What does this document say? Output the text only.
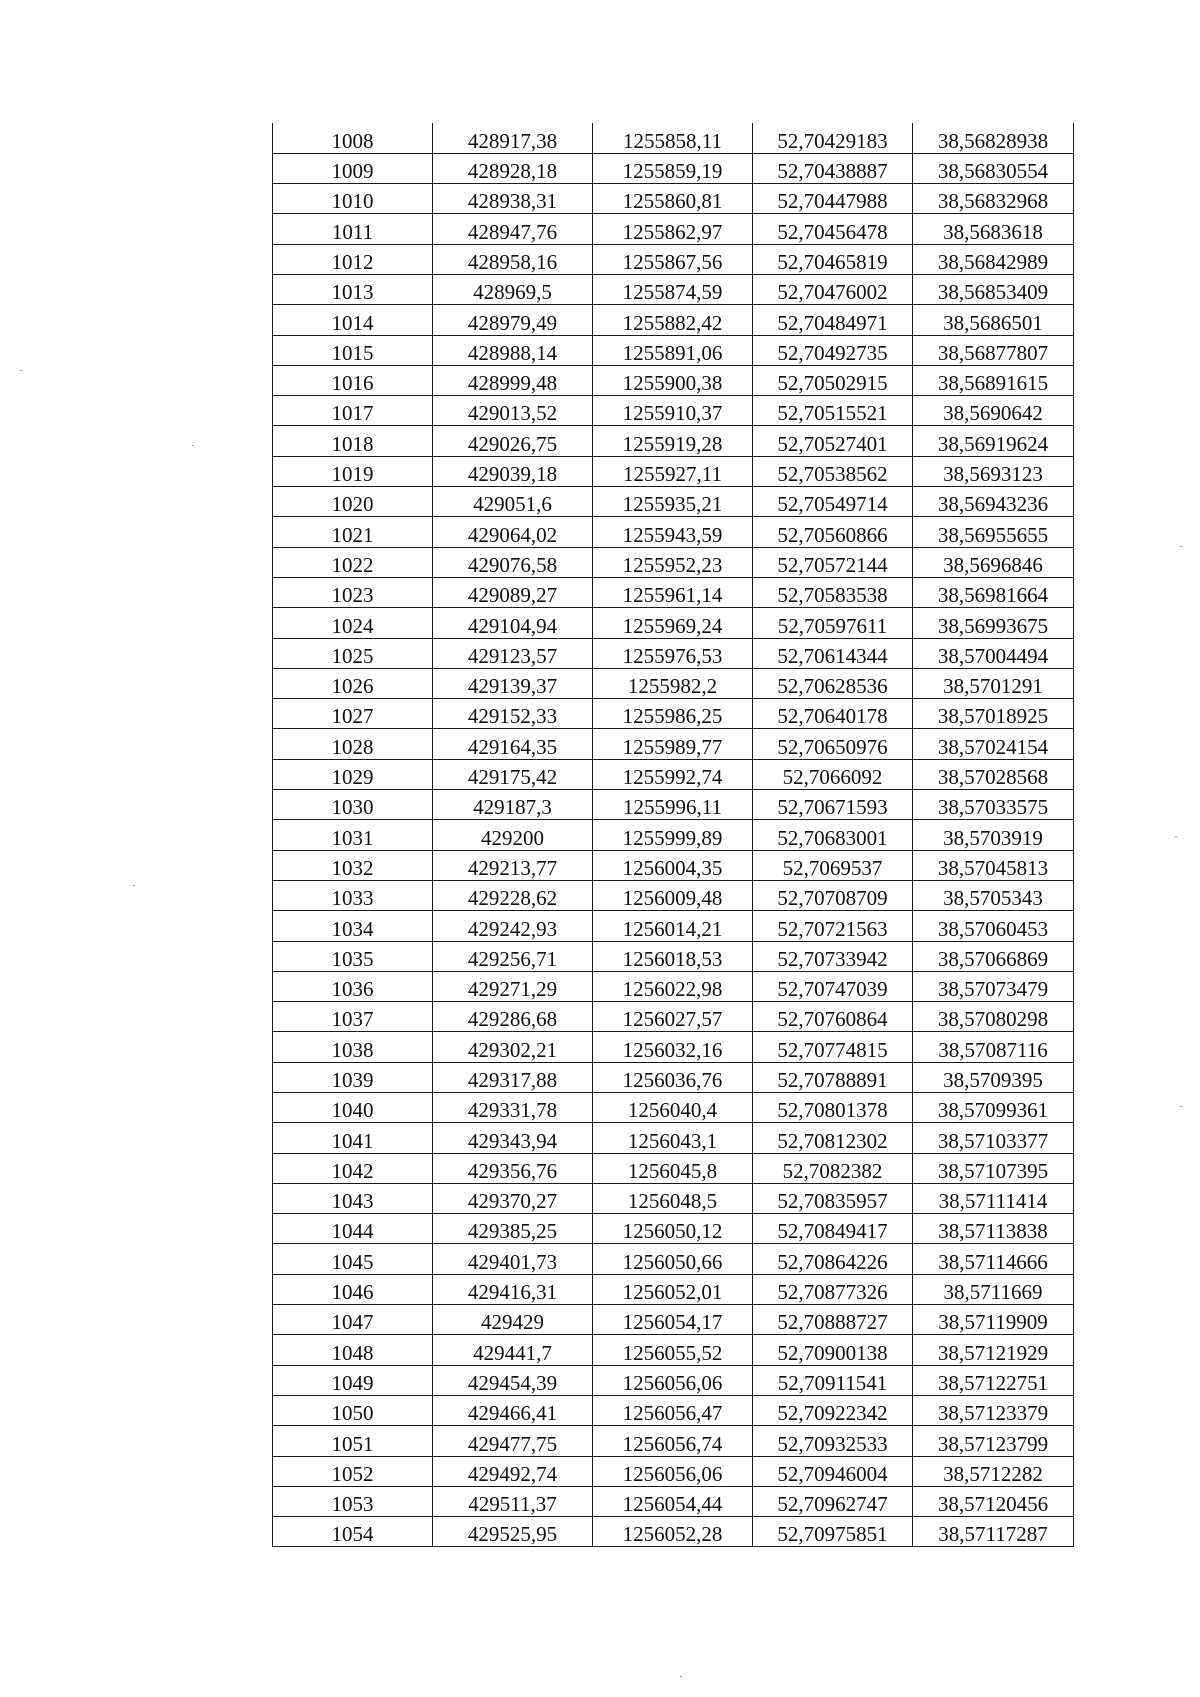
1008	428917,38	1255858,11	52,70429183	38,56828938
1009	428928,18	1255859,19	52,70438887	38,56830554
1010	428938,31	1255860,81	52,70447988	38,56832968
1011	428947,76	1255862,97	52,70456478	38,5683618
1012	428958,16	1255867,56	52,70465819	38,56842989
1013	428969,5	1255874,59	52,70476002	38,56853409
1014	428979,49	1255882,42	52,70484971	38,5686501
1015	428988,14	1255891,06	52,70492735	38,56877807
1016	428999,48	1255900,38	52,70502915	38,56891615
1017	429013,52	1255910,37	52,70515521	38,5690642
1018	429026,75	1255919,28	52,70527401	38,56919624
1019	429039,18	1255927,11	52,70538562	38,5693123
1020	429051,6	1255935,21	52,70549714	38,56943236
1021	429064,02	1255943,59	52,70560866	38,56955655
1022	429076,58	1255952,23	52,70572144	38,5696846
1023	429089,27	1255961,14	52,70583538	38,56981664
1024	429104,94	1255969,24	52,70597611	38,56993675
1025	429123,57	1255976,53	52,70614344	38,57004494
1026	429139,37	1255982,2	52,70628536	38,5701291
1027	429152,33	1255986,25	52,70640178	38,57018925
1028	429164,35	1255989,77	52,70650976	38,57024154
1029	429175,42	1255992,74	52,7066092	38,57028568
1030	429187,3	1255996,11	52,70671593	38,57033575
1031	429200	1255999,89	52,70683001	38,5703919
1032	429213,77	1256004,35	52,7069537	38,57045813
1033	429228,62	1256009,48	52,70708709	38,5705343
1034	429242,93	1256014,21	52,70721563	38,57060453
1035	429256,71	1256018,53	52,70733942	38,57066869
1036	429271,29	1256022,98	52,70747039	38,57073479
1037	429286,68	1256027,57	52,70760864	38,57080298
1038	429302,21	1256032,16	52,70774815	38,57087116
1039	429317,88	1256036,76	52,70788891	38,5709395
1040	429331,78	1256040,4	52,70801378	38,57099361
1041	429343,94	1256043,1	52,70812302	38,57103377
1042	429356,76	1256045,8	52,7082382	38,57107395
1043	429370,27	1256048,5	52,70835957	38,57111414
1044	429385,25	1256050,12	52,70849417	38,57113838
1045	429401,73	1256050,66	52,70864226	38,57114666
1046	429416,31	1256052,01	52,70877326	38,5711669
1047	429429	1256054,17	52,70888727	38,57119909
1048	429441,7	1256055,52	52,70900138	38,57121929
1049	429454,39	1256056,06	52,70911541	38,57122751
1050	429466,41	1256056,47	52,70922342	38,57123379
1051	429477,75	1256056,74	52,70932533	38,57123799
1052	429492,74	1256056,06	52,70946004	38,5712282
1053	429511,37	1256054,44	52,70962747	38,57120456
1054	429525,95	1256052,28	52,70975851	38,57117287
